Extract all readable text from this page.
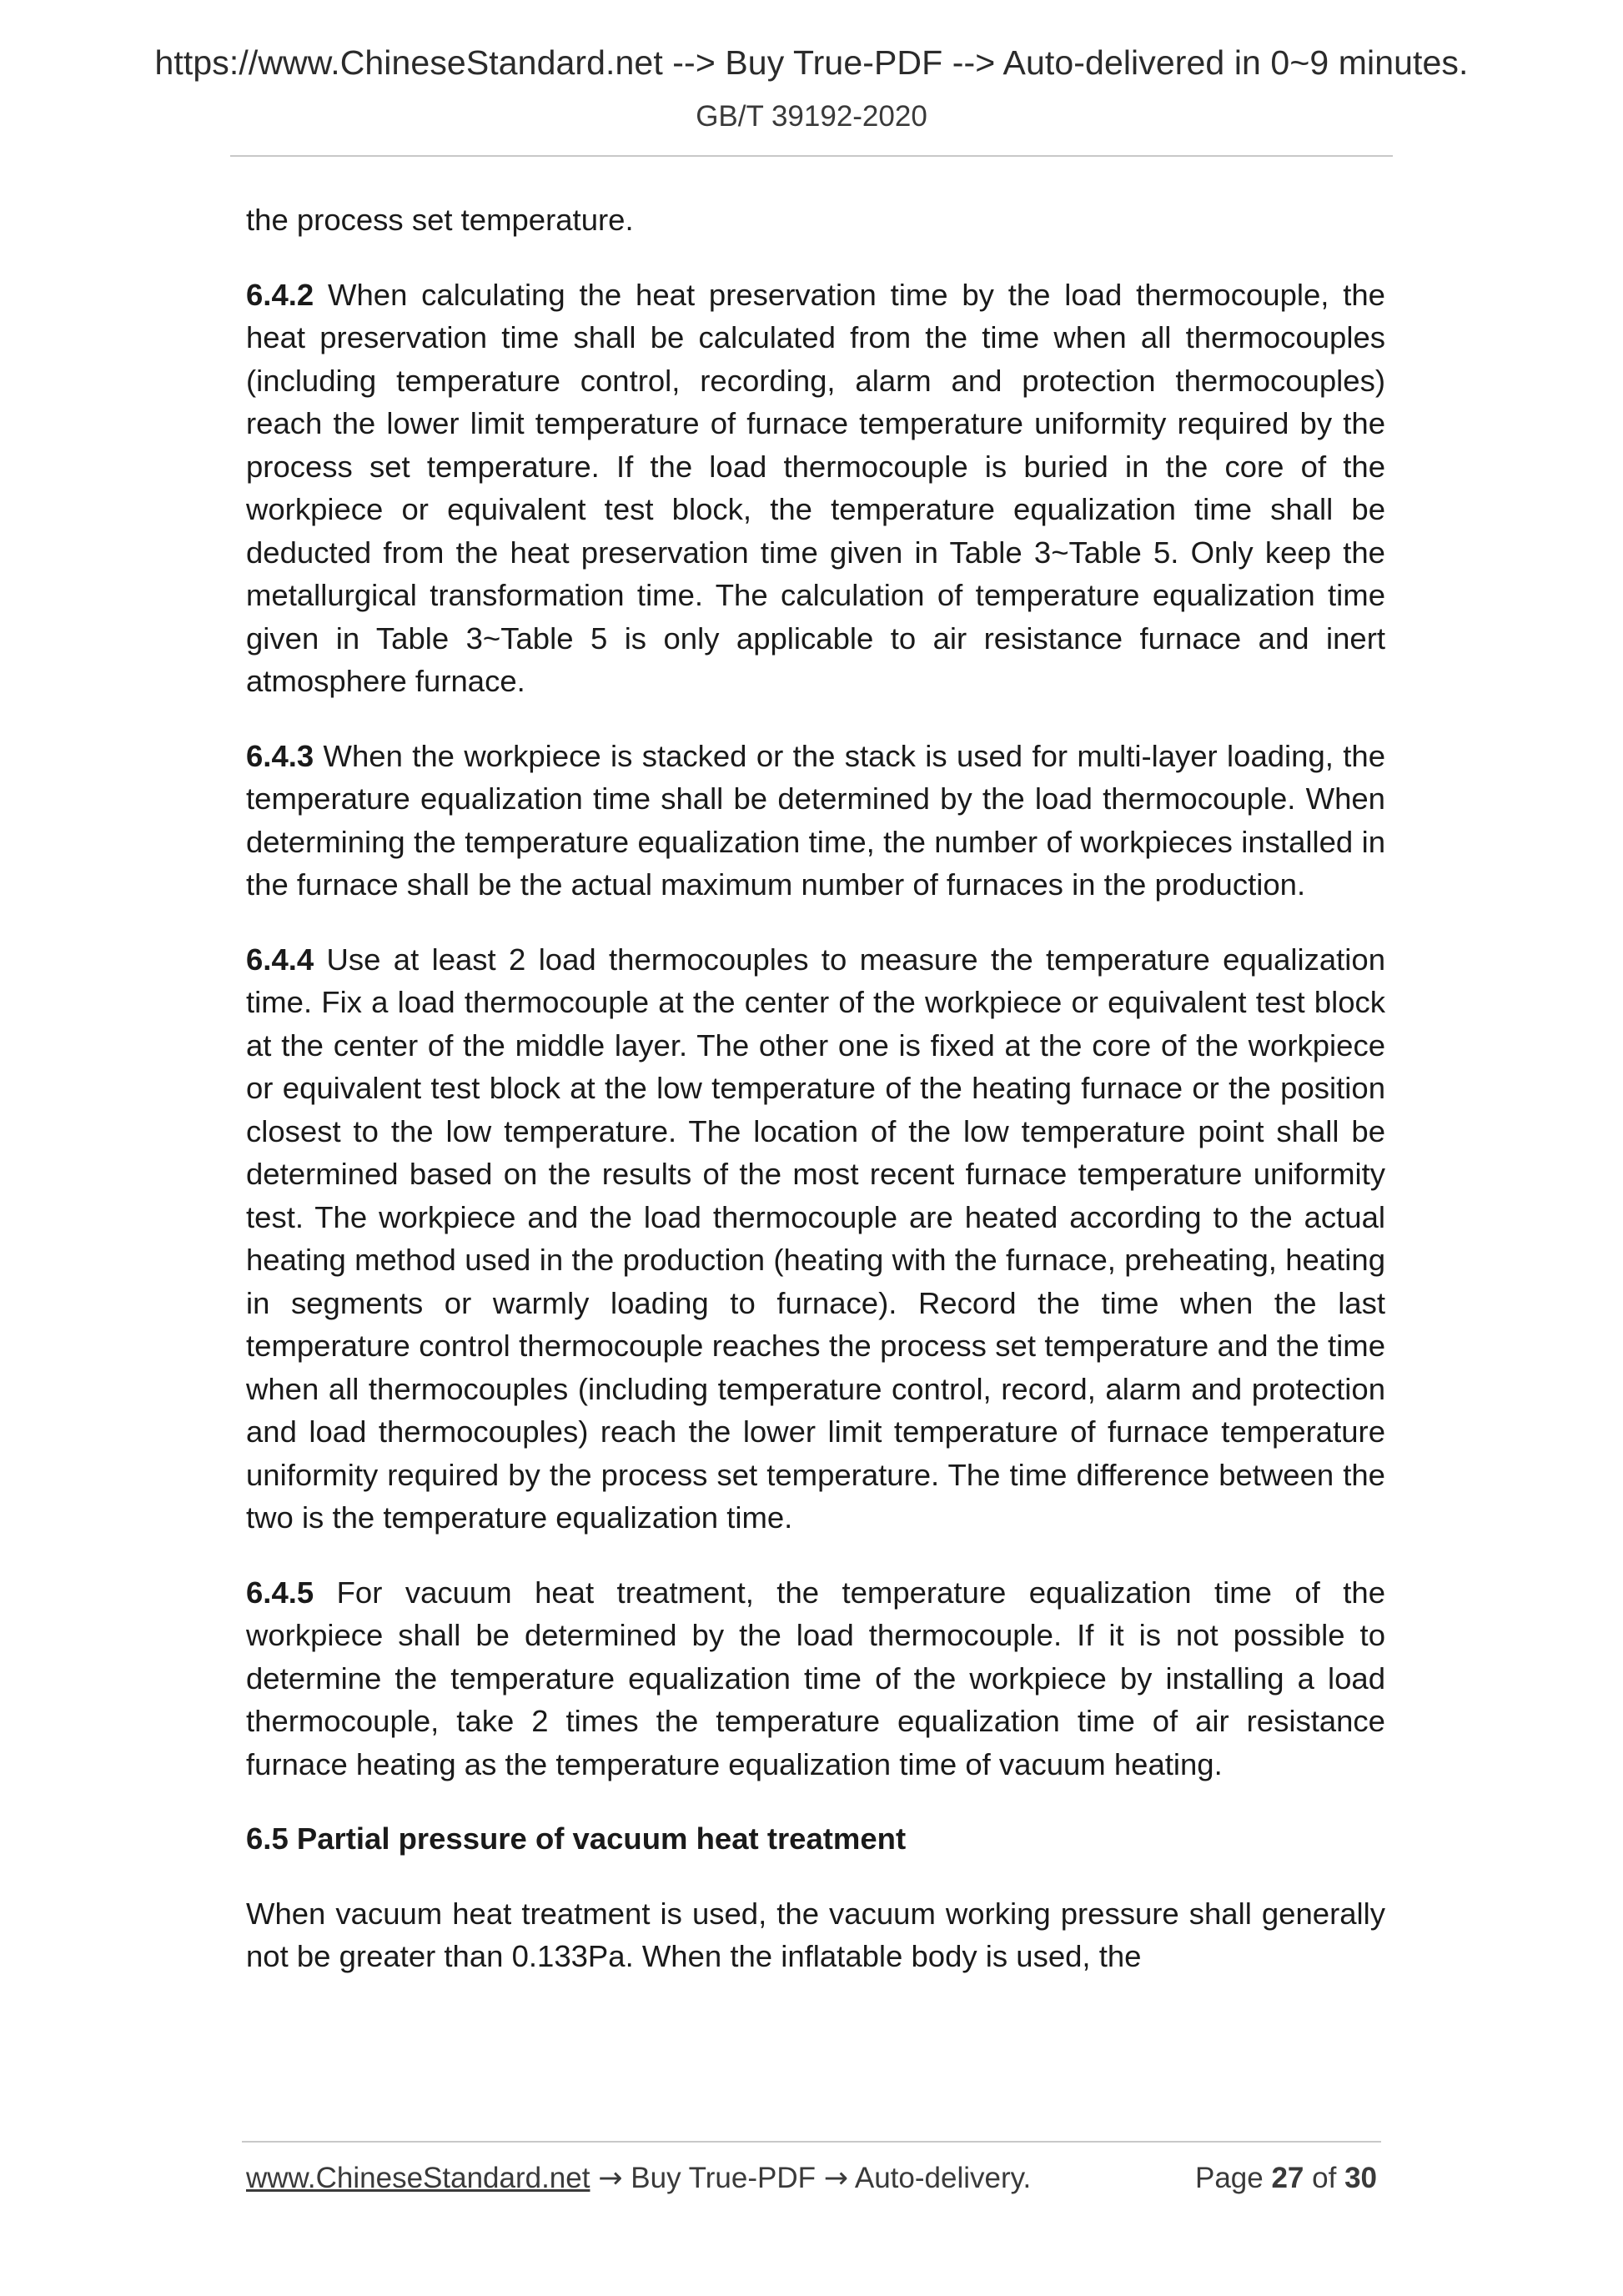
https://www.ChineseStandard.net --> Buy True-PDF --> Auto-delivered in 0~9 minutes.
GB/T 39192-2020

the process set temperature.

6.4.2 When calculating the heat preservation time by the load thermocouple, the heat preservation time shall be calculated from the time when all thermocouples (including temperature control, recording, alarm and protection thermocouples) reach the lower limit temperature of furnace temperature uniformity required by the process set temperature. If the load thermocouple is buried in the core of the workpiece or equivalent test block, the temperature equalization time shall be deducted from the heat preservation time given in Table 3~Table 5. Only keep the metallurgical transformation time. The calculation of temperature equalization time given in Table 3~Table 5 is only applicable to air resistance furnace and inert atmosphere furnace.

6.4.3 When the workpiece is stacked or the stack is used for multi-layer loading, the temperature equalization time shall be determined by the load thermocouple. When determining the temperature equalization time, the number of workpieces installed in the furnace shall be the actual maximum number of furnaces in the production.

6.4.4 Use at least 2 load thermocouples to measure the temperature equalization time. Fix a load thermocouple at the center of the workpiece or equivalent test block at the center of the middle layer. The other one is fixed at the core of the workpiece or equivalent test block at the low temperature of the heating furnace or the position closest to the low temperature. The location of the low temperature point shall be determined based on the results of the most recent furnace temperature uniformity test. The workpiece and the load thermocouple are heated according to the actual heating method used in the production (heating with the furnace, preheating, heating in segments or warmly loading to furnace). Record the time when the last temperature control thermocouple reaches the process set temperature and the time when all thermocouples (including temperature control, record, alarm and protection and load thermocouples) reach the lower limit temperature of furnace temperature uniformity required by the process set temperature. The time difference between the two is the temperature equalization time.

6.4.5 For vacuum heat treatment, the temperature equalization time of the workpiece shall be determined by the load thermocouple. If it is not possible to determine the temperature equalization time of the workpiece by installing a load thermocouple, take 2 times the temperature equalization time of air resistance furnace heating as the temperature equalization time of vacuum heating.

6.5 Partial pressure of vacuum heat treatment

When vacuum heat treatment is used, the vacuum working pressure shall generally not be greater than 0.133Pa. When the inflatable body is used, the

www.ChineseStandard.net → Buy True-PDF → Auto-delivery.	Page 27 of 30
